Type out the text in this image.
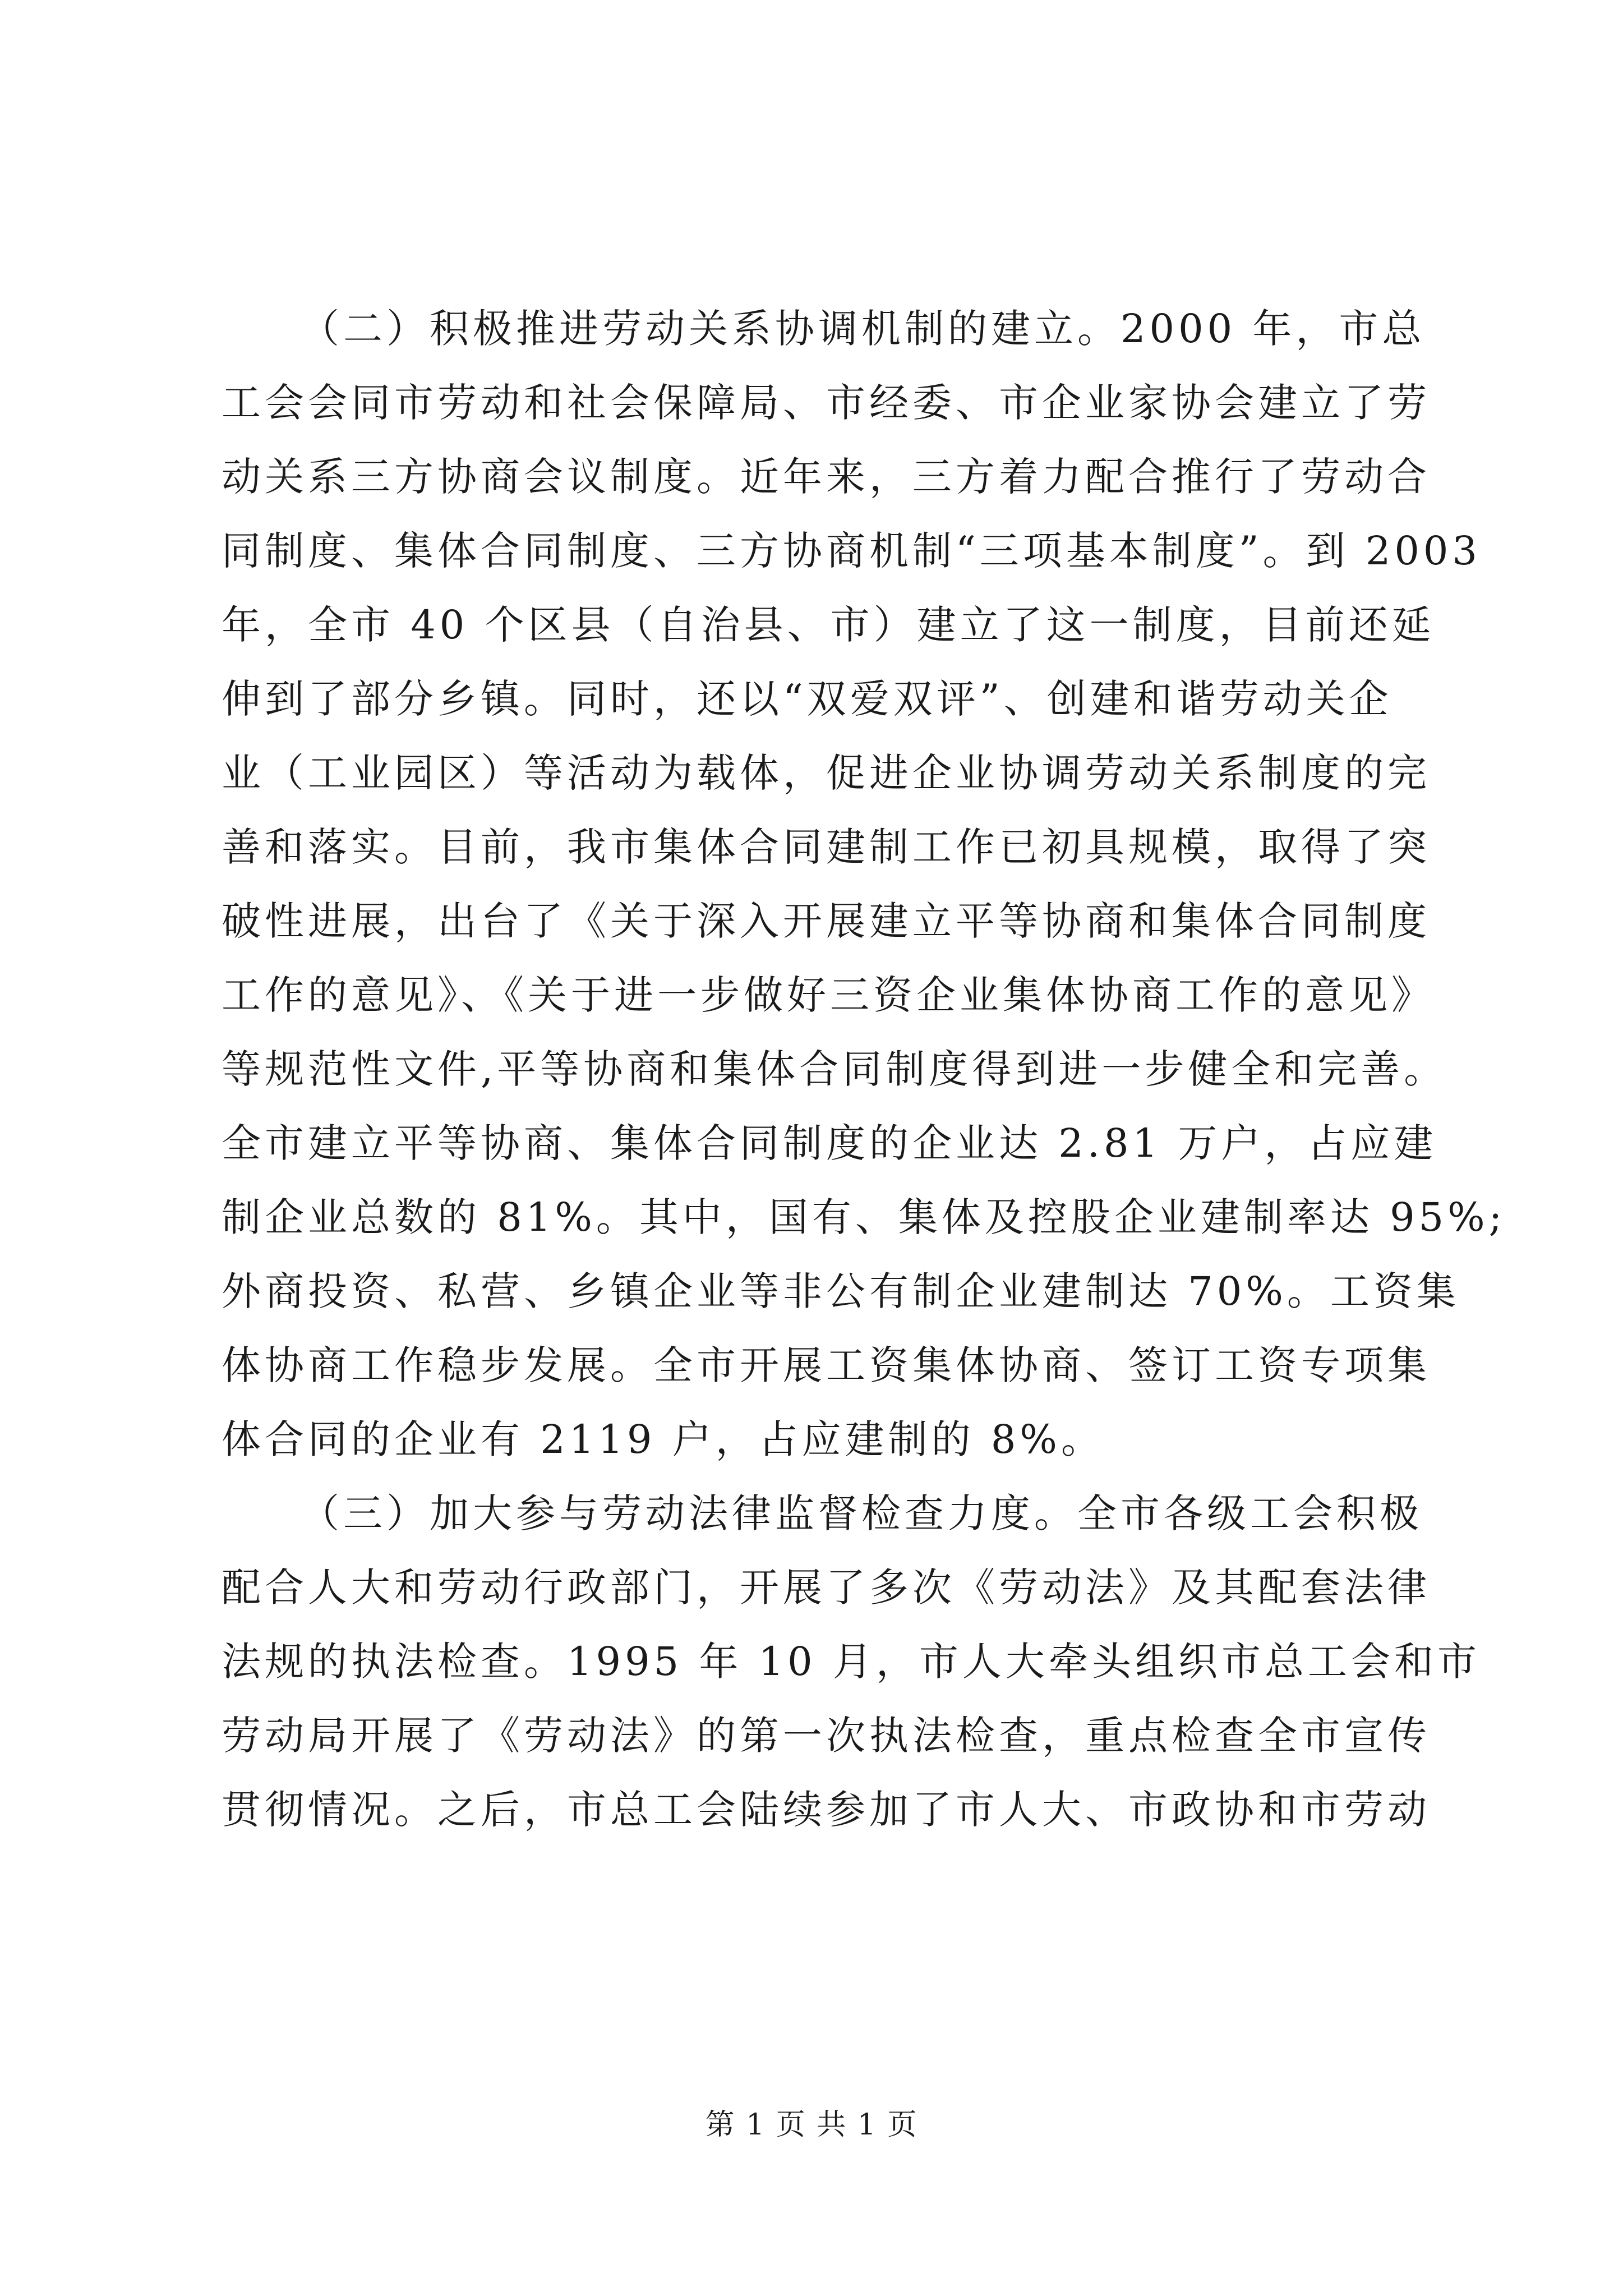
（二）积极推进劳动关系协调机制的建立。2000 年，市总
工会会同市劳动和社会保障局、市经委、市企业家协会建立了劳
动关系三方协商会议制度。近年来，三方着力配合推行了劳动合
同制度、集体合同制度、三方协商机制“三项基本制度”。到 2003
年，全市 40 个区县（自治县、市）建立了这一制度，目前还延
伸到了部分乡镇。同时，还以“双爱双评”、创建和谐劳动关企
业（工业园区）等活动为载体，促进企业协调劳动关系制度的完
善和落实。目前，我市集体合同建制工作已初具规模，取得了突
破性进展，出台了《关于深入开展建立平等协商和集体合同制度
工作的意见》、《关于进一步做好三资企业集体协商工作的意见》
等规范性文件,平等协商和集体合同制度得到进一步健全和完善。
全市建立平等协商、集体合同制度的企业达 2.81 万户，占应建
制企业总数的 81%。其中，国有、集体及控股企业建制率达 95%;
外商投资、私营、乡镇企业等非公有制企业建制达 70%。工资集
体协商工作稳步发展。全市开展工资集体协商、签订工资专项集
体合同的企业有 2119 户，占应建制的 8%。
（三）加大参与劳动法律监督检查力度。全市各级工会积极
配合人大和劳动行政部门，开展了多次《劳动法》及其配套法律
法规的执法检查。1995 年 10 月，市人大牵头组织市总工会和市
劳动局开展了《劳动法》的第一次执法检查，重点检查全市宣传
贯彻情况。之后，市总工会陆续参加了市人大、市政协和市劳动
第 1 页 共 1 页
